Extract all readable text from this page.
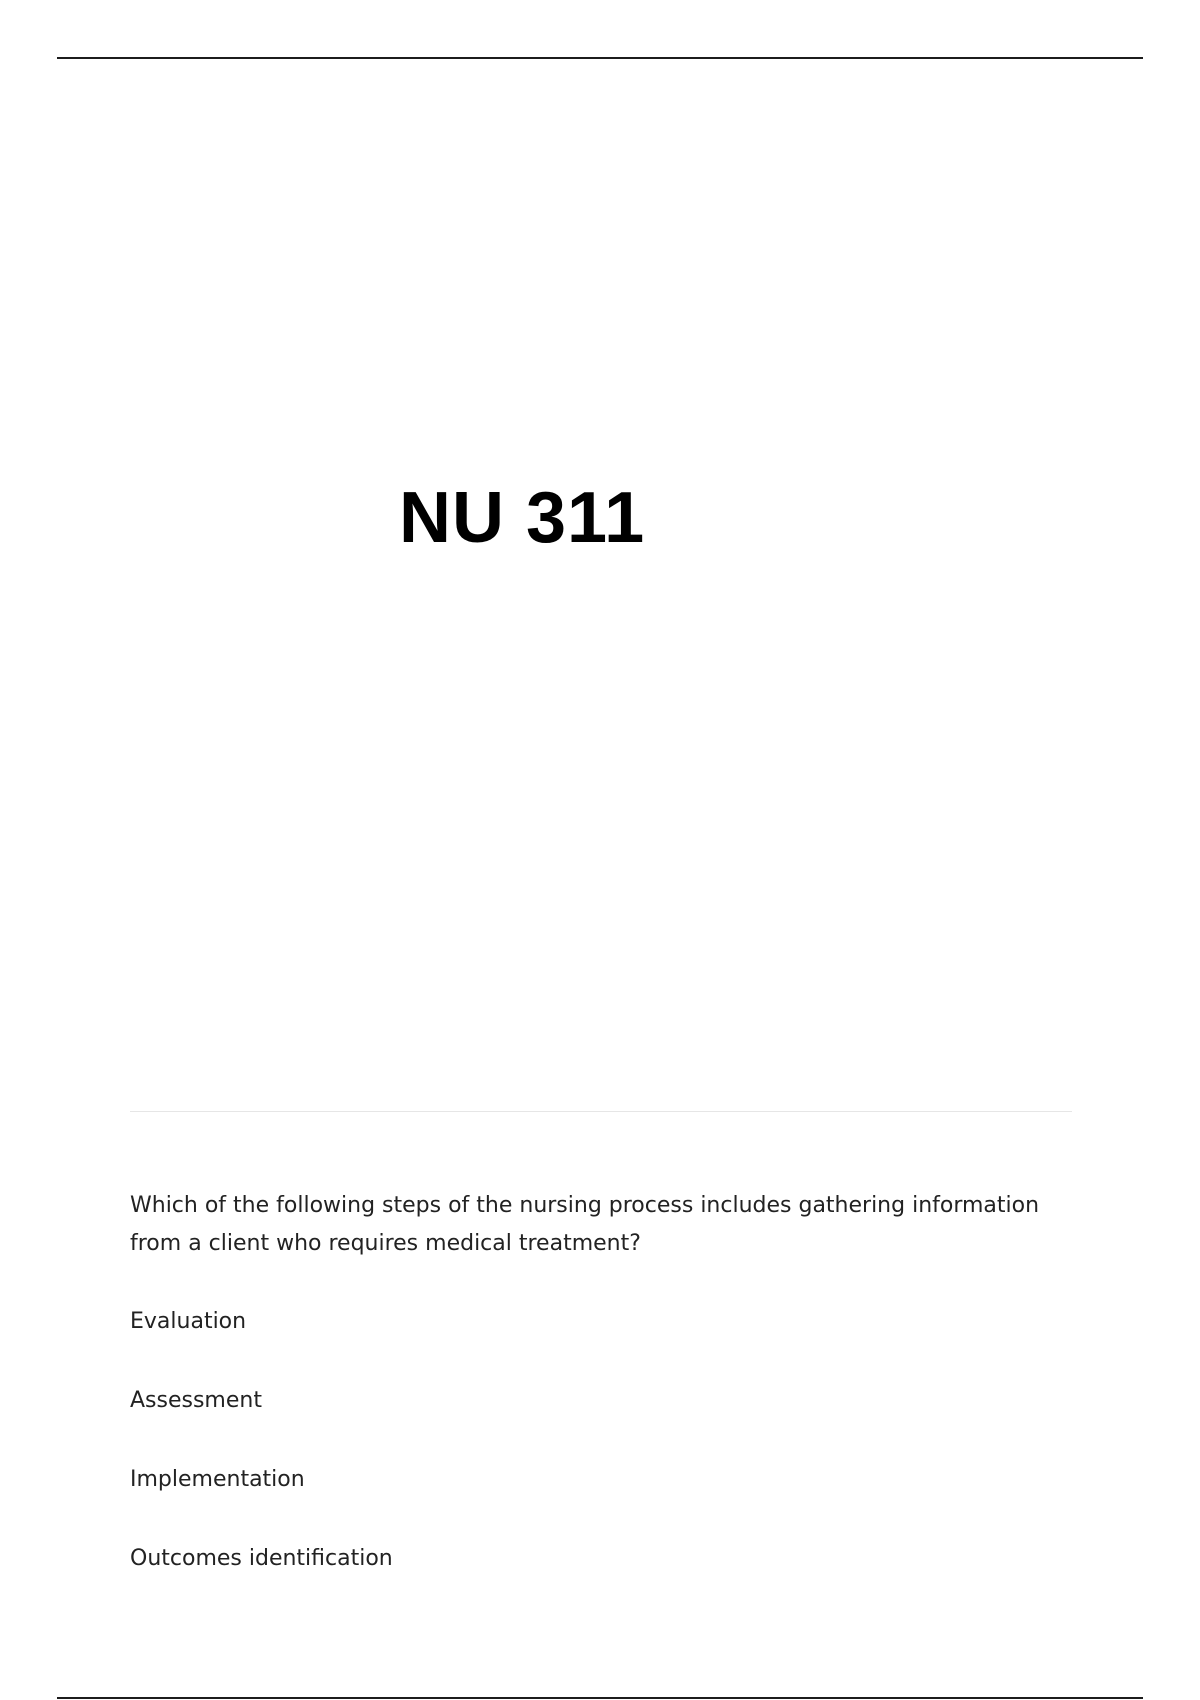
NU 311

Which of the following steps of the nursing process includes gathering information from a client who requires medical treatment?

Evaluation
Assessment
Implementation
Outcomes identification
